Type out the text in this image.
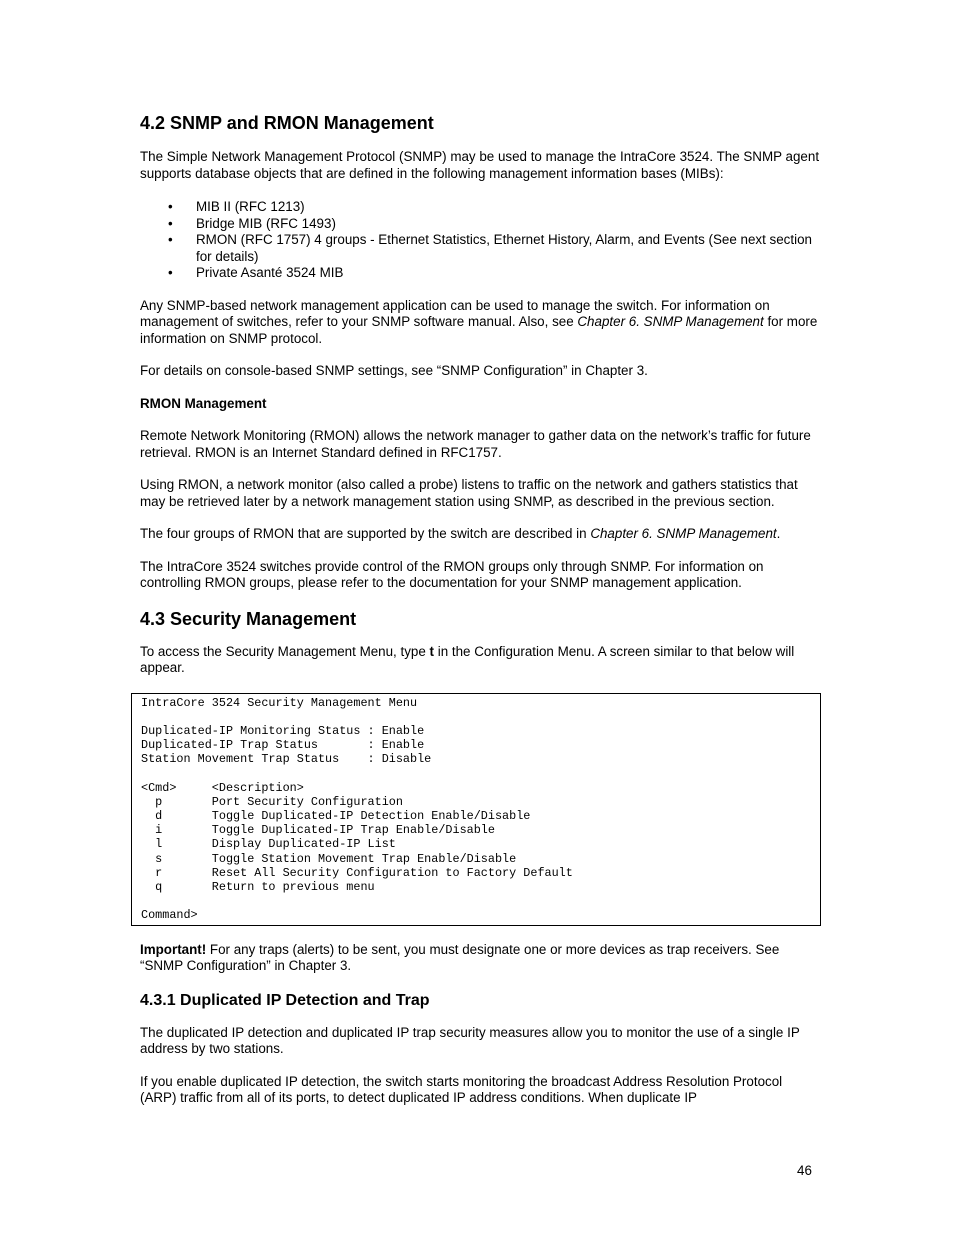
4.2 SNMP and RMON Management

The Simple Network Management Protocol (SNMP) may be used to manage the IntraCore 3524. The SNMP agent supports database objects that are defined in the following management information bases (MIBs):

• MIB II (RFC 1213)
• Bridge MIB (RFC 1493)
• RMON (RFC 1757) 4 groups - Ethernet Statistics, Ethernet History, Alarm, and Events (See next section for details)
• Private Asanté 3524 MIB

Any SNMP-based network management application can be used to manage the switch. For information on management of switches, refer to your SNMP software manual. Also, see Chapter 6. SNMP Management for more information on SNMP protocol.

For details on console-based SNMP settings, see “SNMP Configuration” in Chapter 3.

RMON Management

Remote Network Monitoring (RMON) allows the network manager to gather data on the network’s traffic for future retrieval. RMON is an Internet Standard defined in RFC1757.

Using RMON, a network monitor (also called a probe) listens to traffic on the network and gathers statistics that may be retrieved later by a network management station using SNMP, as described in the previous section.

The four groups of RMON that are supported by the switch are described in Chapter 6. SNMP Management.

The IntraCore 3524 switches provide control of the RMON groups only through SNMP. For information on controlling RMON groups, please refer to the documentation for your SNMP management application.

4.3 Security Management

To access the Security Management Menu, type t in the Configuration Menu. A screen similar to that below will appear.

IntraCore 3524 Security Management Menu
Duplicated-IP Monitoring Status : Enable
Duplicated-IP Trap Status       : Enable
Station Movement Trap Status    : Disable
<Cmd>     <Description>
p       Port Security Configuration
d       Toggle Duplicated-IP Detection Enable/Disable
i       Toggle Duplicated-IP Trap Enable/Disable
l       Display Duplicated-IP List
s       Toggle Station Movement Trap Enable/Disable
r       Reset All Security Configuration to Factory Default
q       Return to previous menu
Command>

Important! For any traps (alerts) to be sent, you must designate one or more devices as trap receivers. See “SNMP Configuration” in Chapter 3.

4.3.1 Duplicated IP Detection and Trap

The duplicated IP detection and duplicated IP trap security measures allow you to monitor the use of a single IP address by two stations.

If you enable duplicated IP detection, the switch starts monitoring the broadcast Address Resolution Protocol (ARP) traffic from all of its ports, to detect duplicated IP address conditions. When duplicate IP

46
